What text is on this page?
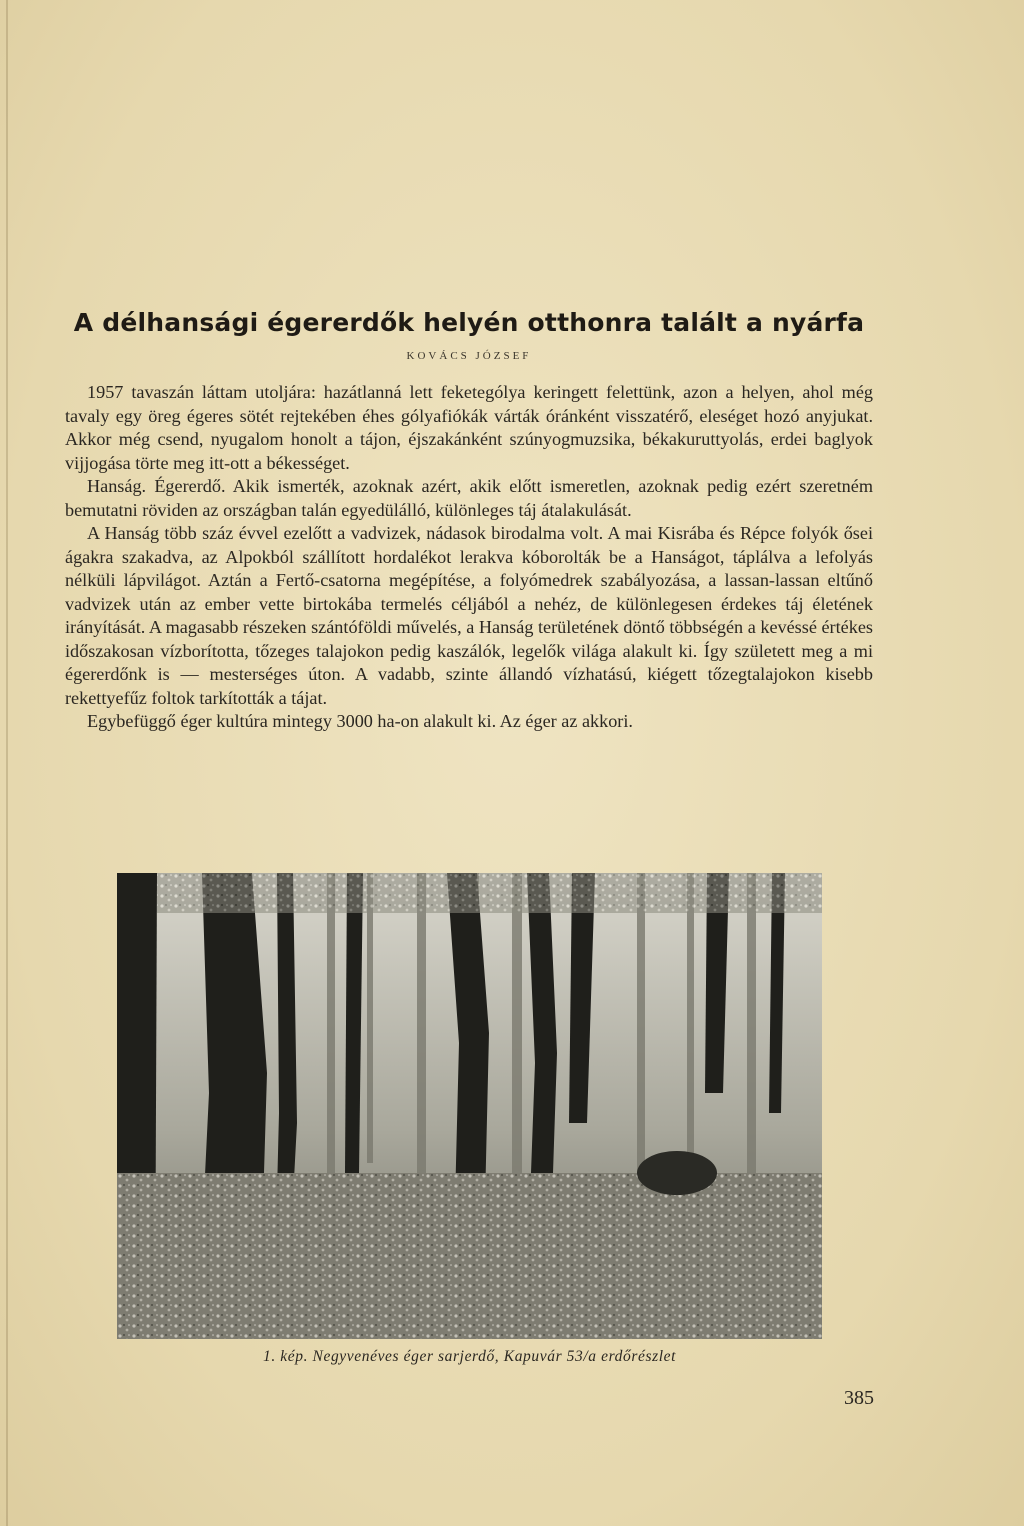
A délhansági égererdők helyén otthonra talált a nyárfa
KOVÁCS JÓZSEF

1957 tavaszán láttam utoljára: hazátlanná lett feketególya keringett felettünk, azon a helyen, ahol még tavaly egy öreg égeres sötét rejtekében éhes gólyafiókák várták óránként visszatérő, eleséget hozó anyjukat. Akkor még csend, nyugalom honolt a tájon, éjszakánként szúnyogmuzsika, békakuruttyolás, erdei baglyok vijjogása törte meg itt-ott a békességet.

Hanság. Égererdő. Akik ismerték, azoknak azért, akik előtt ismeretlen, azoknak pedig ezért szeretném bemutatni röviden az országban talán egyedülálló, különleges táj átalakulását.

A Hanság több száz évvel ezelőtt a vadvizek, nádasok birodalma volt. A mai Kisrába és Répce folyók ősei ágakra szakadva, az Alpokból szállított hordalékot lerakva kóborolták be a Hanságot, táplálva a lefolyás nélküli lápvilágot. Aztán a Fertő-csatorna megépítése, a folyómedrek szabályozása, a lassan-lassan eltűnő vadvizek után az ember vette birtokába termelés céljából a nehéz, de különlegesen érdekes táj életének irányítását. A magasabb részeken szántóföldi művelés, a Hanság területének döntő többségén a kevéssé értékes időszakosan vízborította, tőzeges talajokon pedig kaszálók, legelők világa alakult ki. Így született meg a mi égererdőnk is — mesterséges úton. A vadabb, szinte állandó vízhatású, kiégett tőzegtalajokon kisebb rekettyefűz foltok tarkították a tájat.

Egybefüggő éger kultúra mintegy 3000 ha-on alakult ki. Az éger az akkori.

1. kép. Negyvenéves éger sarjerdő, Kapuvár 53/a erdőrészlet
385
